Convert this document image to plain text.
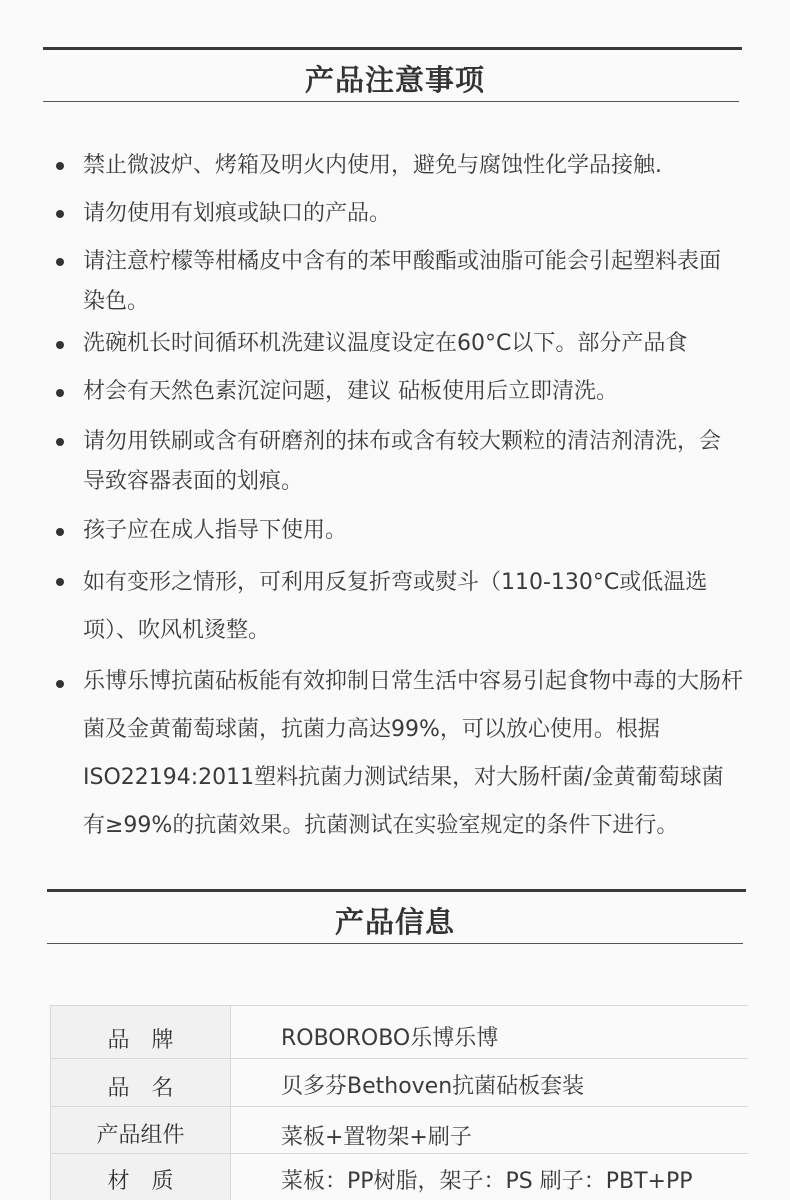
产品注意事项
禁止微波炉、烤箱及明火内使用，避免与腐蚀性化学品接触.
请勿使用有划痕或缺口的产品。
请注意柠檬等柑橘皮中含有的苯甲酸酯或油脂可能会引起塑料表面染色。
洗碗机长时间循环机洗建议温度设定在60°C以下。部分产品食
材会有天然色素沉淀问题，建议 砧板使用后立即清洗。
请勿用铁刷或含有研磨剂的抹布或含有较大颗粒的清洁剂清洗，会导致容器表面的划痕。
孩子应在成人指导下使用。
如有变形之情形，可利用反复折弯或熨斗（110-130°C或低温选项）、吹风机烫整。
乐博乐博抗菌砧板能有效抑制日常生活中容易引起食物中毒的大肠杆菌及金黄葡萄球菌，抗菌力高达99%，可以放心使用。根据ISO22194:2011塑料抗菌力测试结果，对大肠杆菌/金黄葡萄球菌有≥99%的抗菌效果。抗菌测试在实验室规定的条件下进行。
产品信息
品　牌	ROBOROBO乐博乐博
品　名	贝多芬Bethoven抗菌砧板套装
产品组件	菜板+置物架+刷子
材　质	菜板：PP树脂，架子：PS 刷子：PBT+PP
